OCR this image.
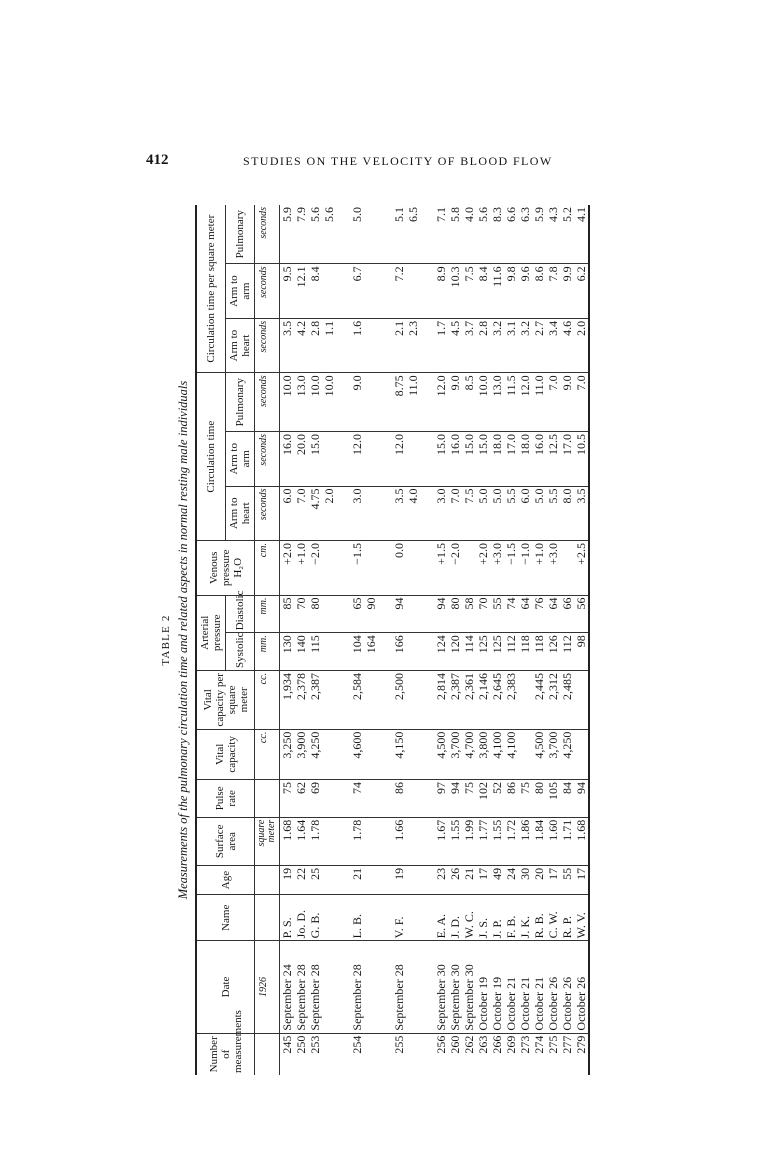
412	STUDIES ON THE VELOCITY OF BLOOD FLOW
TABLE 2 Measurements of the pulmonary circulation time and related aspects in normal resting male individuals
Number of measurements	Date	Name	Age	Surface area	Pulse rate	Vital capacity	Vital capacity per square meter	Arterial pressure		Venous pressure H₂O	Circulation time			Circulation time per square meter		
								Systolic	Diastolic		Arm to heart	Arm to arm	Pulmonary	Arm to heart	Arm to arm	Pulmonary
	1926			square meter		cc.	cc.	mm.	mm.	cm.	seconds	seconds	seconds	seconds	seconds	seconds
245	September 24	P. S.	19	1.68	75	3,250	1,934	130	85	+2.0	6.0	16.0	10.0	3.5	9.5	5.9
250	September 28	Jo. D.	22	1.64	62	3,900	2,378	140	70	+1.0	7.0	20.0	13.0	4.2	12.1	7.9
253	September 28	G. B.	25	1.78	69	4,250	2,387	115	80	−2.0	4.75	15.0	10.0	2.8	8.4	5.6
											2.0		10.0	1.1		5.6

254	September 28	L. B.	21	1.78	74	4,600	2,584	104	65	−1.5	3.0	12.0	9.0	1.6	6.7	5.0
								164	90							

255	September 28	V. F.	19	1.66	86	4,150	2,500	166	94	0.0	3.5	12.0	8.75	2.1	7.2	5.1
											4.0		11.0	2.3		6.5

256	September 30	E. A.	23	1.67	97	4,500	2,814	124	94	+1.5	3.0	15.0	12.0	1.7	8.9	7.1
260	September 30	J. D.	26	1.55	94	3,700	2,387	120	80	−2.0	7.0	16.0	9.0	4.5	10.3	5.8
262	September 30	W. C.	21	1.99	75	4,700	2,361	114	58		7.5	15.0	8.5	3.7	7.5	4.0
263	October 19	J. S.	17	1.77	102	3,800	2,146	125	70	+2.0	5.0	15.0	10.0	2.8	8.4	5.6
266	October 19	J. P.	49	1.55	52	4,100	2,645	125	55	+3.0	5.0	18.0	13.0	3.2	11.6	8.3
269	October 21	F. B.	24	1.72	86	4,100	2,383	112	74	−1.5	5.5	17.0	11.5	3.1	9.8	6.6
273	October 21	J. K.	30	1.86	75			118	64	−1.0	6.0	18.0	12.0	3.2	9.6	6.3
274	October 21	R. B.	20	1.84	80	4,500	2,445	118	76	+1.0	5.0	16.0	11.0	2.7	8.6	5.9
275	October 26	C. W.	17	1.60	105	3,700	2,312	126	64	+3.0	5.5	12.5	7.0	3.4	7.8	4.3
277	October 26	R. P.	55	1.71	84	4,250	2,485	112	66		8.0	17.0	9.0	4.6	9.9	5.2
279	October 26	W. V.	17	1.68	94			98	56	+2.5	3.5	10.5	7.0	2.0	6.2	4.1
